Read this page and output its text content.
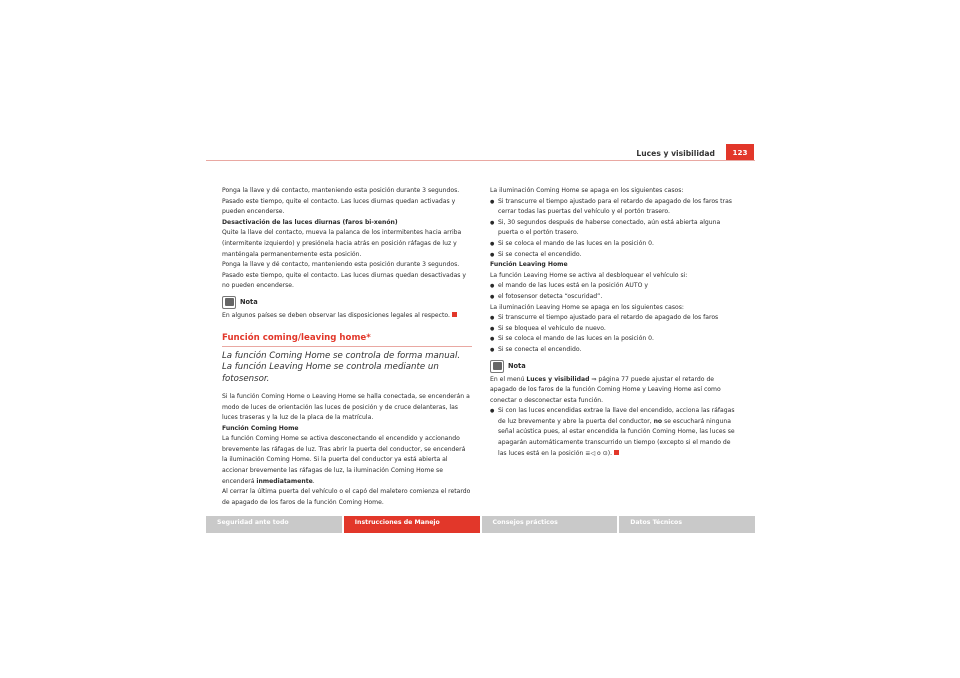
Luces y visibilidad	123

Ponga la llave y dé contacto, manteniendo esta posición durante 3 segundos. Pasado este tiempo, quite el contacto. Las luces diurnas quedan activadas y pueden encenderse.

Desactivación de las luces diurnas (faros bi-xenón)

Quite la llave del contacto, mueva la palanca de los intermitentes hacia arriba (intermitente izquierdo) y presiónela hacia atrás en posición ráfagas de luz y manténgala permanentemente esta posición.

Ponga la llave y dé contacto, manteniendo esta posición durante 3 segundos. Pasado este tiempo, quite el contacto. Las luces diurnas quedan desactivadas y no pueden encenderse.

Nota

En algunos países se deben observar las disposiciones legales al respecto.

Función coming/leaving home*

La función Coming Home se controla de forma manual. La función Leaving Home se controla mediante un fotosensor.

Si la función Coming Home o Leaving Home se halla conectada, se encenderán a modo de luces de orientación las luces de posición y de cruce delanteras, las luces traseras y la luz de la placa de la matrícula.

Función Coming Home

La función Coming Home se activa desconectando el encendido y accionando brevemente las ráfagas de luz. Tras abrir la puerta del conductor, se encenderá la iluminación Coming Home. Si la puerta del conductor ya está abierta al accionar brevemente las ráfagas de luz, la iluminación Coming Home se encenderá inmediatamente.

Al cerrar la última puerta del vehículo o el capó del maletero comienza el retardo de apagado de los faros de la función Coming Home.

La iluminación Coming Home se apaga en los siguientes casos:

● Si transcurre el tiempo ajustado para el retardo de apagado de los faros tras cerrar todas las puertas del vehículo y el portón trasero.

● Si, 30 segundos después de haberse conectado, aún está abierta alguna puerta o el portón trasero.

● Si se coloca el mando de las luces en la posición 0.

● Si se conecta el encendido.

Función Leaving Home

La función Leaving Home se activa al desbloquear el vehículo si:

● el mando de las luces está en la posición AUTO y

● el fotosensor detecta “oscuridad”.

La iluminación Leaving Home se apaga en los siguientes casos:

● Si transcurre el tiempo ajustado para el retardo de apagado de los faros

● Si se bloquea el vehículo de nuevo.

● Si se coloca el mando de las luces en la posición 0.

● Si se conecta el encendido.

Nota

En el menú Luces y visibilidad ⇒ página 77 puede ajustar el retardo de apagado de los faros de la función Coming Home y Leaving Home así como conectar o desconectar esta función.

● Si con las luces encendidas extrae la llave del encendido, acciona las ráfagas de luz brevemente y abre la puerta del conductor, no se escuchará ninguna señal acústica pues, al estar encendida la función Coming Home, las luces se apagarán automáticamente transcurrido un tiempo (excepto si el mando de las luces está en la posición ⁠≡◁ o ⁠⊙⁠).

Seguridad ante todo	Instrucciones de Manejo	Consejos prácticos	Datos Técnicos
